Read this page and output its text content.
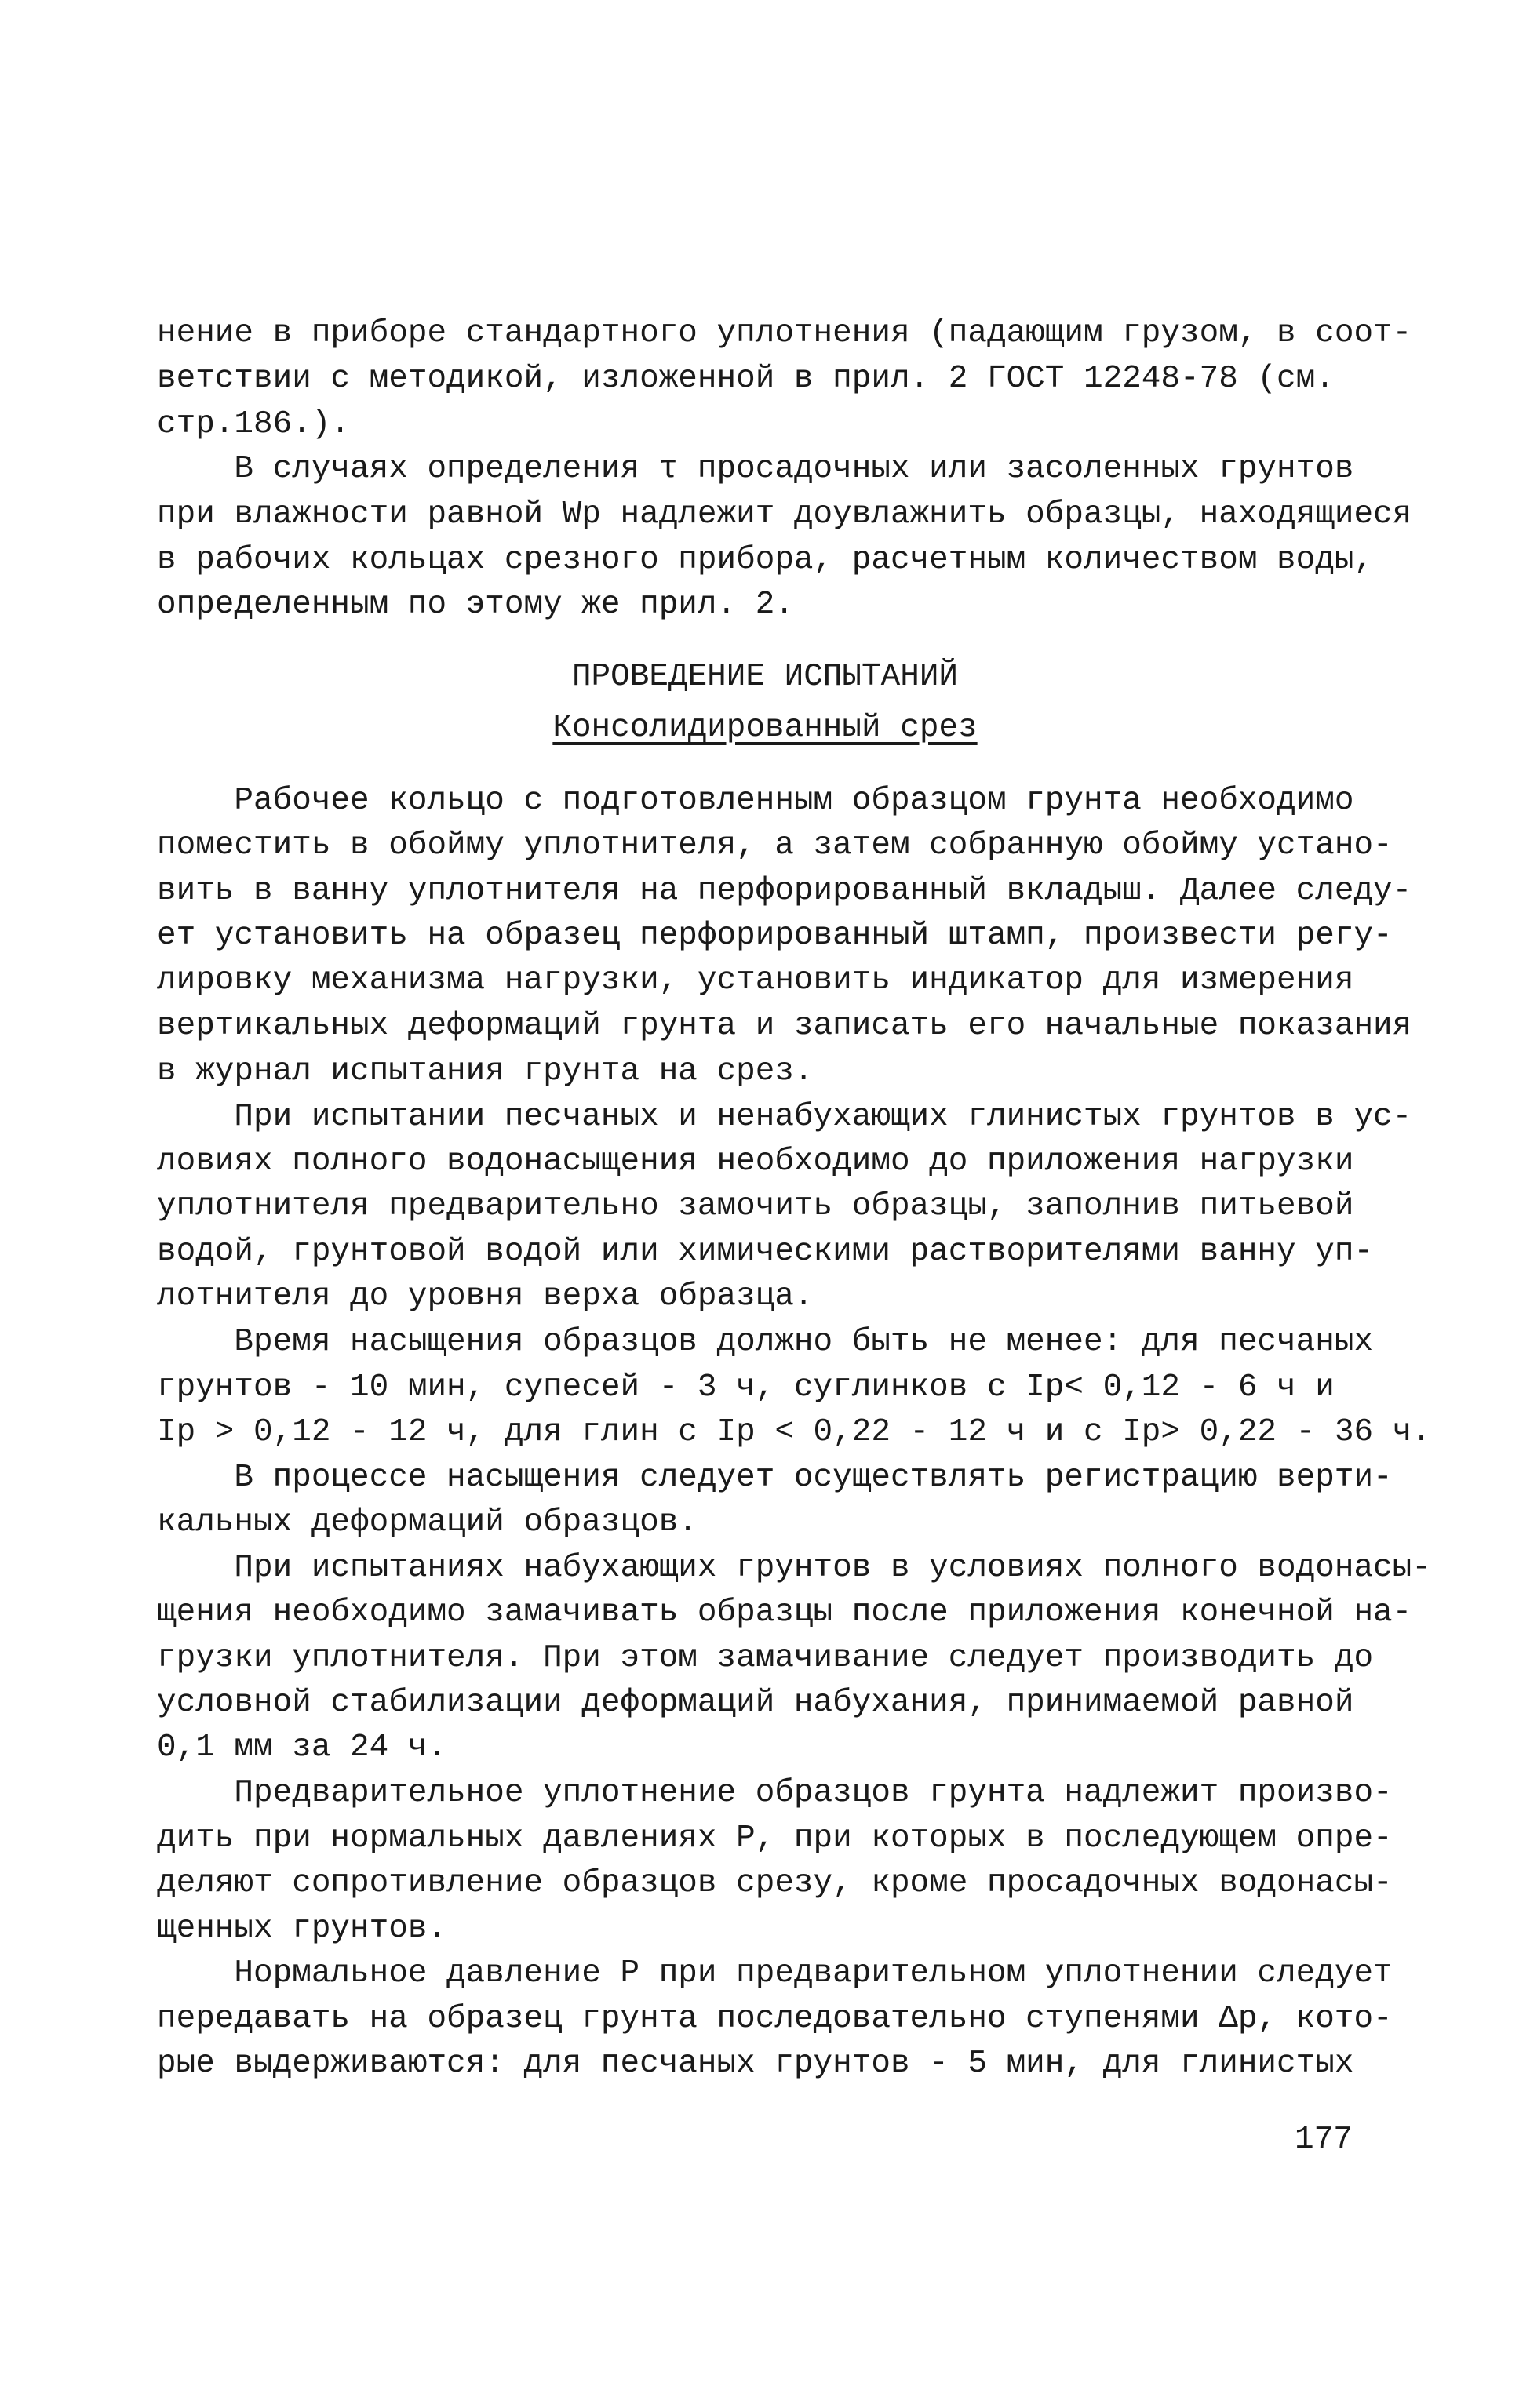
нение в приборе стандартного уплотнения (падающим грузом, в соот-

ветствии с методикой, изложенной в прил. 2 ГОСТ 12248-78 (см.

стр.186.).

В случаях определения τ просадочных или засоленных грунтов

при влажности равной Wp надлежит доувлажнить образцы, находящиеся

в рабочих кольцах срезного прибора, расчетным количеством воды,

определенным по этому же прил. 2.

ПРОВЕДЕНИЕ ИСПЫТАНИЙ

Консолидированный срез

Рабочее кольцо с подготовленным образцом грунта необходимо

поместить в обойму уплотнителя, а затем собранную обойму устано-

вить в ванну уплотнителя на перфорированный вкладыш. Далее следу-

ет установить на образец перфорированный штамп, произвести регу-

лировку механизма нагрузки, установить индикатор для измерения

вертикальных деформаций грунта и записать его начальные показания

в журнал испытания грунта на срез.

При испытании песчаных и ненабухающих глинистых грунтов в ус-

ловиях полного водонасыщения необходимо до приложения нагрузки

уплотнителя предварительно замочить образцы, заполнив питьевой

водой, грунтовой водой или химическими растворителями ванну уп-

лотнителя до уровня верха образца.

Время насыщения образцов должно быть не менее: для песчаных

грунтов - 10 мин, супесей - 3 ч, суглинков с Ip< 0,12 - 6 ч и

Ip > 0,12 - 12 ч, для глин с Ip < 0,22 - 12 ч и с Ip> 0,22 - 36 ч.

В процессе насыщения следует осуществлять регистрацию верти-

кальных деформаций образцов.

При испытаниях набухающих грунтов в условиях полного водонасы-

щения необходимо замачивать образцы после приложения конечной на-

грузки уплотнителя. При этом замачивание следует производить до

условной стабилизации деформаций набухания, принимаемой равной

0,1 мм за 24 ч.

Предварительное уплотнение образцов грунта надлежит произво-

дить при нормальных давлениях Р, при которых в последующем опре-

деляют сопротивление образцов срезу, кроме просадочных водонасы-

щенных грунтов.

Нормальное давление Р при предварительном уплотнении следует

передавать на образец грунта последовательно ступенями Δp, кото-

рые выдерживаются: для песчаных грунтов - 5 мин, для глинистых

177
